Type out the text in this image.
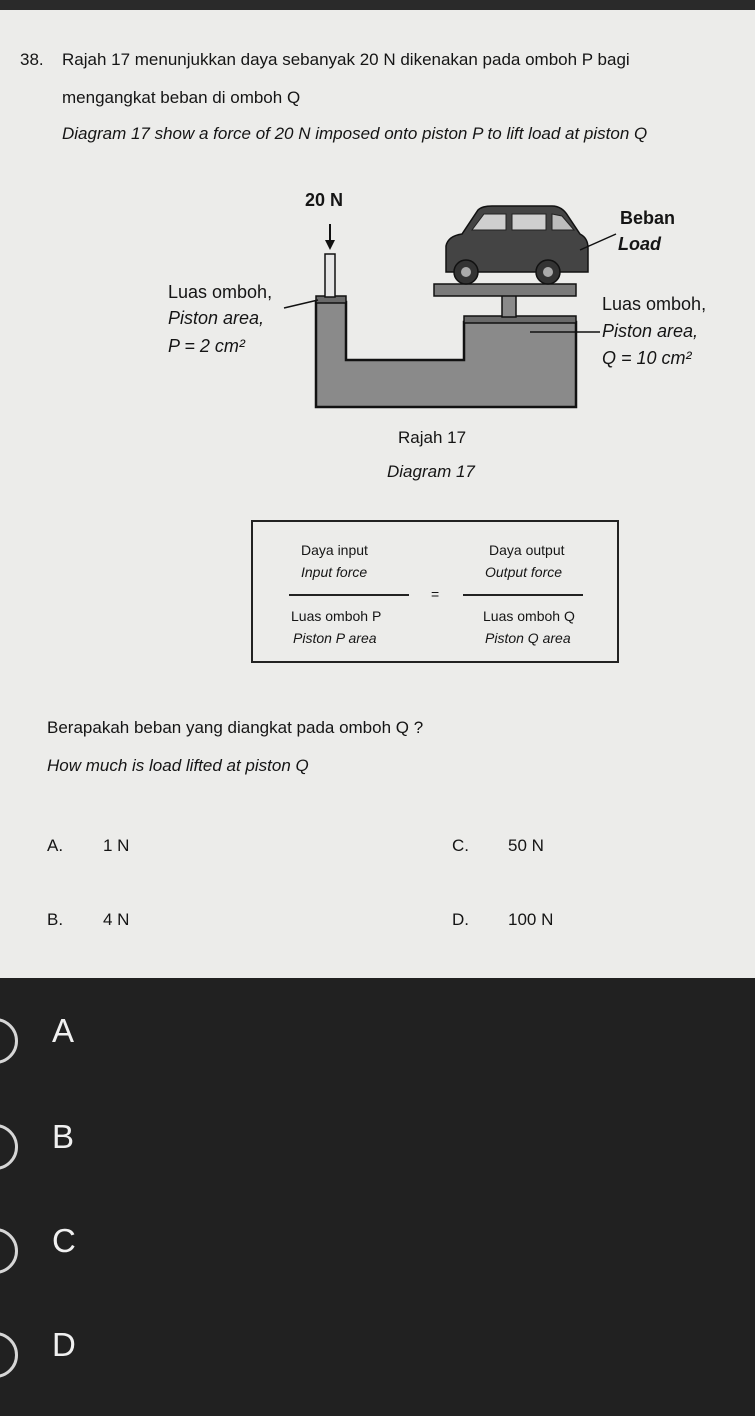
38. Rajah 17 menunjukkan daya sebanyak 20 N dikenakan pada omboh P bagi
mengangkat beban di omboh Q
Diagram 17 show a force of 20 N imposed onto piston P to lift load at piston Q
20 N
Beban
Load
Luas omboh,
Piston area,
P = 2 cm²
Luas omboh,
Piston area,
Q = 10 cm²
Rajah 17
Diagram 17
Daya input
Input force
Luas omboh P
Piston P area
=
Daya output
Output force
Luas omboh Q
Piston Q area
Berapakah beban yang diangkat pada omboh Q ?
How much is load lifted at piston Q
A. 1 N
B. 4 N
C. 50 N
D. 100 N
A
B
C
D
